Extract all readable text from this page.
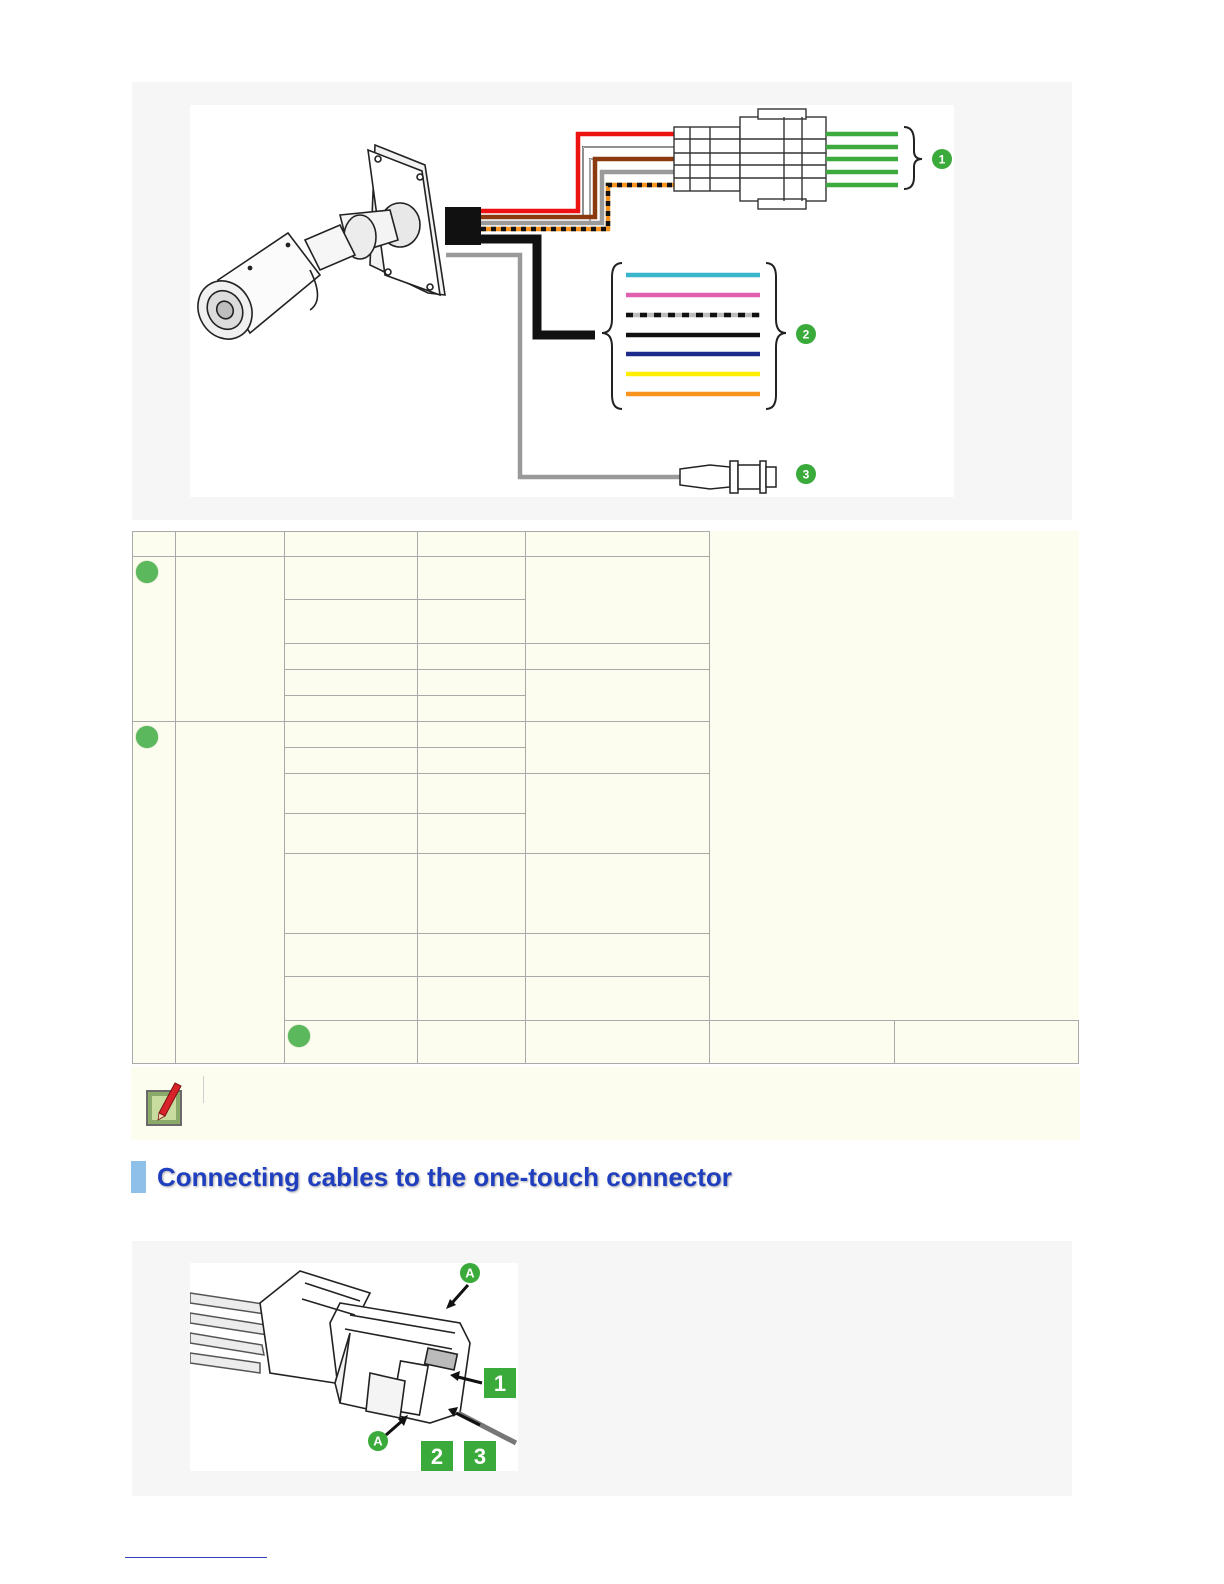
1
2
3

Connecting cables to the one-touch connector
A
A
1
2 3
